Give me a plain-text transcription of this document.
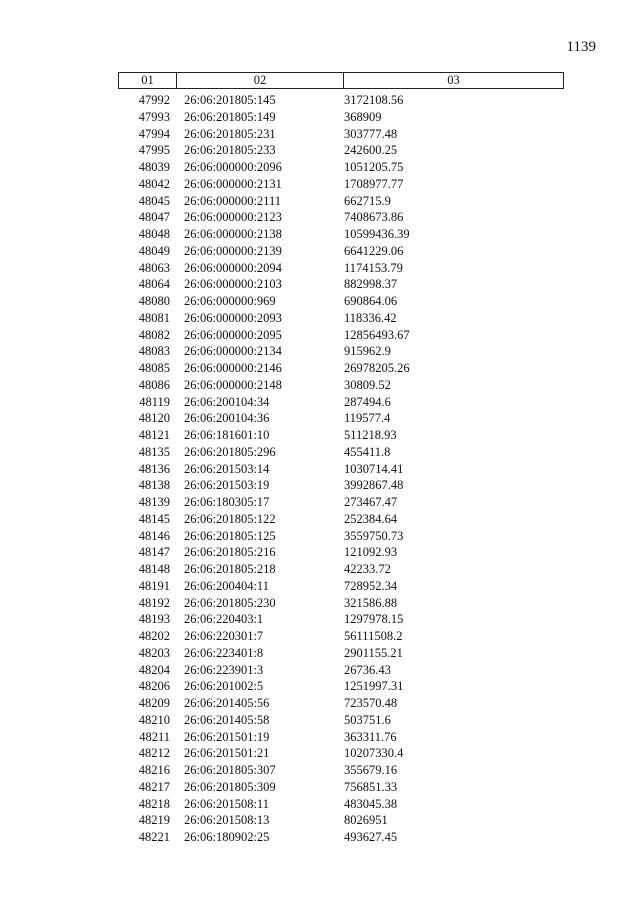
1139
01	02	03
47992	26:06:201805:145	3172108.56
47993	26:06:201805:149	368909
47994	26:06:201805:231	303777.48
47995	26:06:201805:233	242600.25
48039	26:06:000000:2096	1051205.75
48042	26:06:000000:2131	1708977.77
48045	26:06:000000:2111	662715.9
48047	26:06:000000:2123	7408673.86
48048	26:06:000000:2138	10599436.39
48049	26:06:000000:2139	6641229.06
48063	26:06:000000:2094	1174153.79
48064	26:06:000000:2103	882998.37
48080	26:06:000000:969	690864.06
48081	26:06:000000:2093	118336.42
48082	26:06:000000:2095	12856493.67
48083	26:06:000000:2134	915962.9
48085	26:06:000000:2146	26978205.26
48086	26:06:000000:2148	30809.52
48119	26:06:200104:34	287494.6
48120	26:06:200104:36	119577.4
48121	26:06:181601:10	511218.93
48135	26:06:201805:296	455411.8
48136	26:06:201503:14	1030714.41
48138	26:06:201503:19	3992867.48
48139	26:06:180305:17	273467.47
48145	26:06:201805:122	252384.64
48146	26:06:201805:125	3559750.73
48147	26:06:201805:216	121092.93
48148	26:06:201805:218	42233.72
48191	26:06:200404:11	728952.34
48192	26:06:201805:230	321586.88
48193	26:06:220403:1	1297978.15
48202	26:06:220301:7	56111508.2
48203	26:06:223401:8	2901155.21
48204	26:06:223901:3	26736.43
48206	26:06:201002:5	1251997.31
48209	26:06:201405:56	723570.48
48210	26:06:201405:58	503751.6
48211	26:06:201501:19	363311.76
48212	26:06:201501:21	10207330.4
48216	26:06:201805:307	355679.16
48217	26:06:201805:309	756851.33
48218	26:06:201508:11	483045.38
48219	26:06:201508:13	8026951
48221	26:06:180902:25	493627.45
